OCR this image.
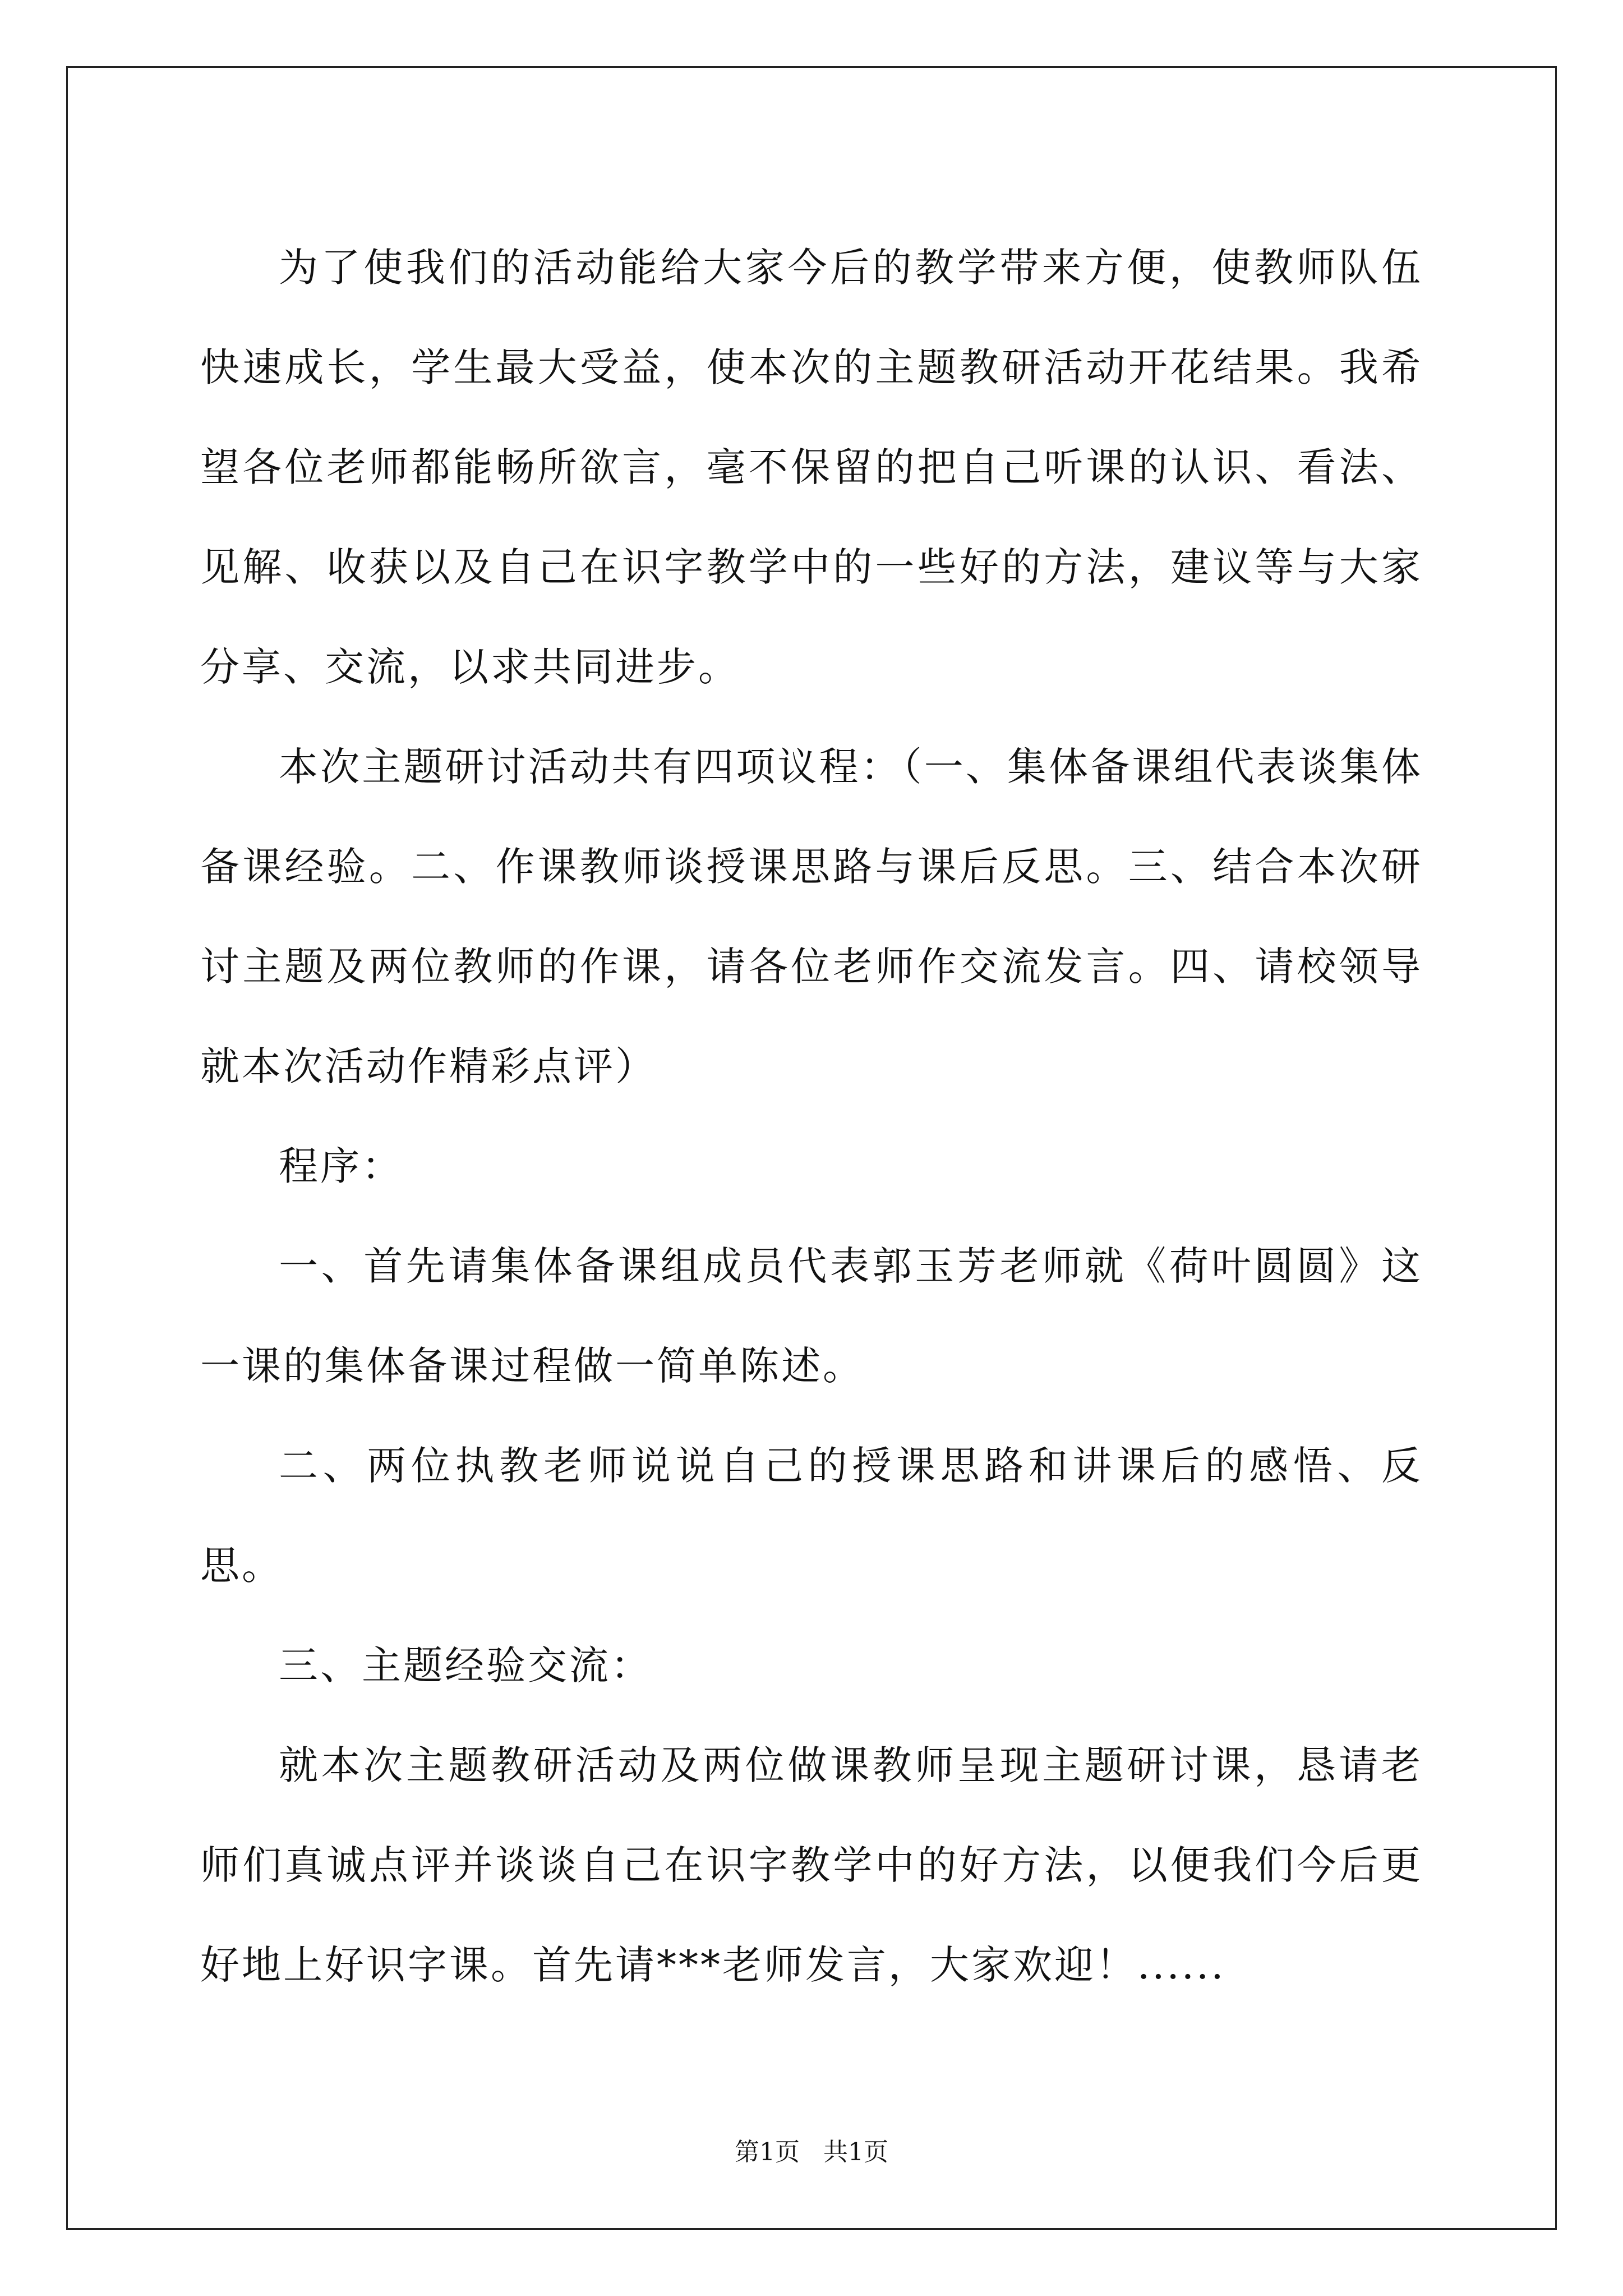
为了使我们的活动能给大家今后的教学带来方便，使教师队伍快速成长，学生最大受益，使本次的主题教研活动开花结果。我希望各位老师都能畅所欲言，毫不保留的把自己听课的认识、看法、见解、收获以及自己在识字教学中的一些好的方法，建议等与大家分享、交流，以求共同进步。

本次主题研讨活动共有四项议程：（一、集体备课组代表谈集体备课经验。二、作课教师谈授课思路与课后反思。三、结合本次研讨主题及两位教师的作课，请各位老师作交流发言。四、请校领导就本次活动作精彩点评）

程序：

一、首先请集体备课组成员代表郭玉芳老师就《荷叶圆圆》这一课的集体备课过程做一简单陈述。

二、两位执教老师说说自己的授课思路和讲课后的感悟、反思。

三、主题经验交流：

就本次主题教研活动及两位做课教师呈现主题研讨课，恳请老师们真诚点评并谈谈自己在识字教学中的好方法，以便我们今后更好地上好识字课。首先请***老师发言，大家欢迎！......

第1页   共1页
